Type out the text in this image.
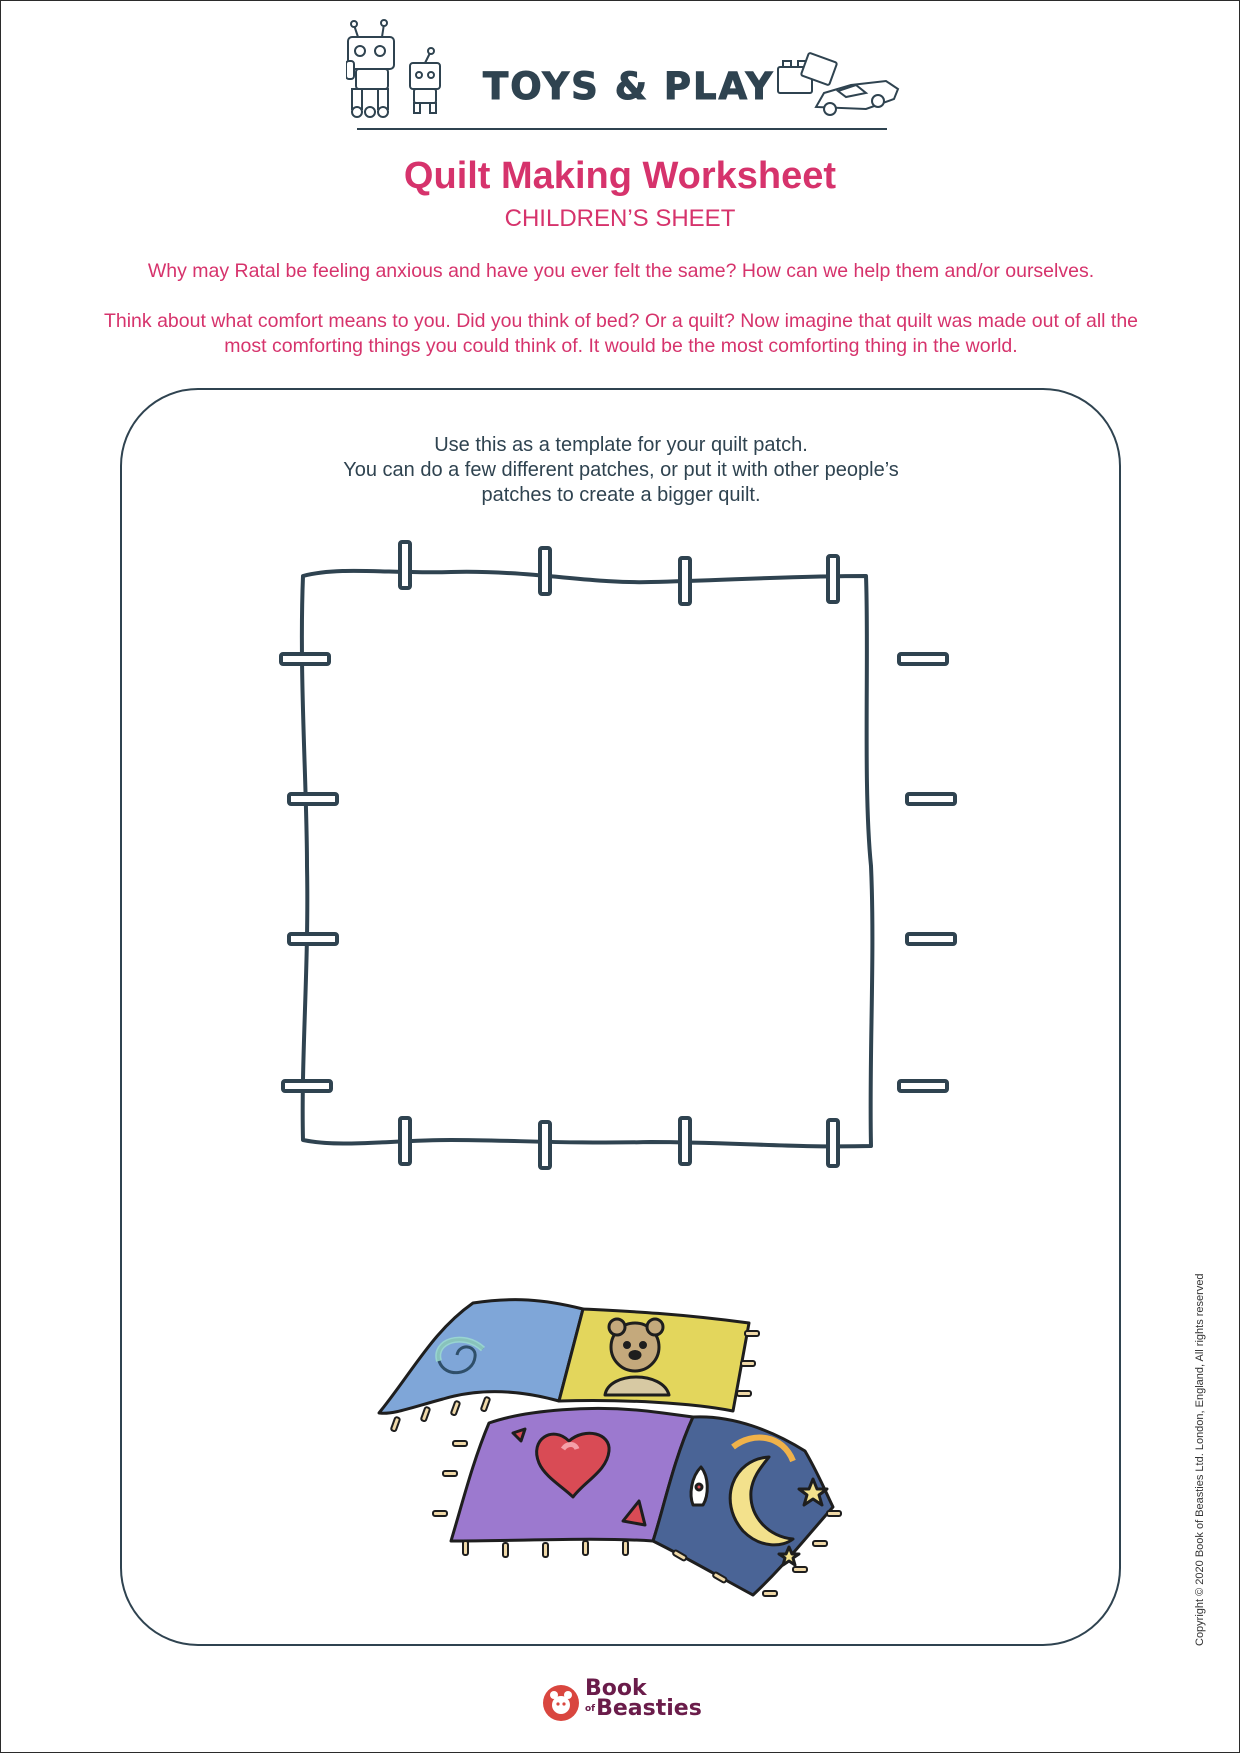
TOYS & PLAY
Quilt Making Worksheet
CHILDREN’S SHEET

Why may Ratal be feeling anxious and have you ever felt the same? How can we help them and/or ourselves.

Think about what comfort means to you. Did you think of bed? Or a quilt? Now imagine that quilt was made out of all the most comforting things you could think of. It would be the most comforting thing in the world.

Use this as a template for your quilt patch.
You can do a few different patches, or put it with other people’s
patches to create a bigger quilt.
Copyright © 2020 Book of Beasties Ltd. London, England, All rights reserved
Book
ofBeasties
